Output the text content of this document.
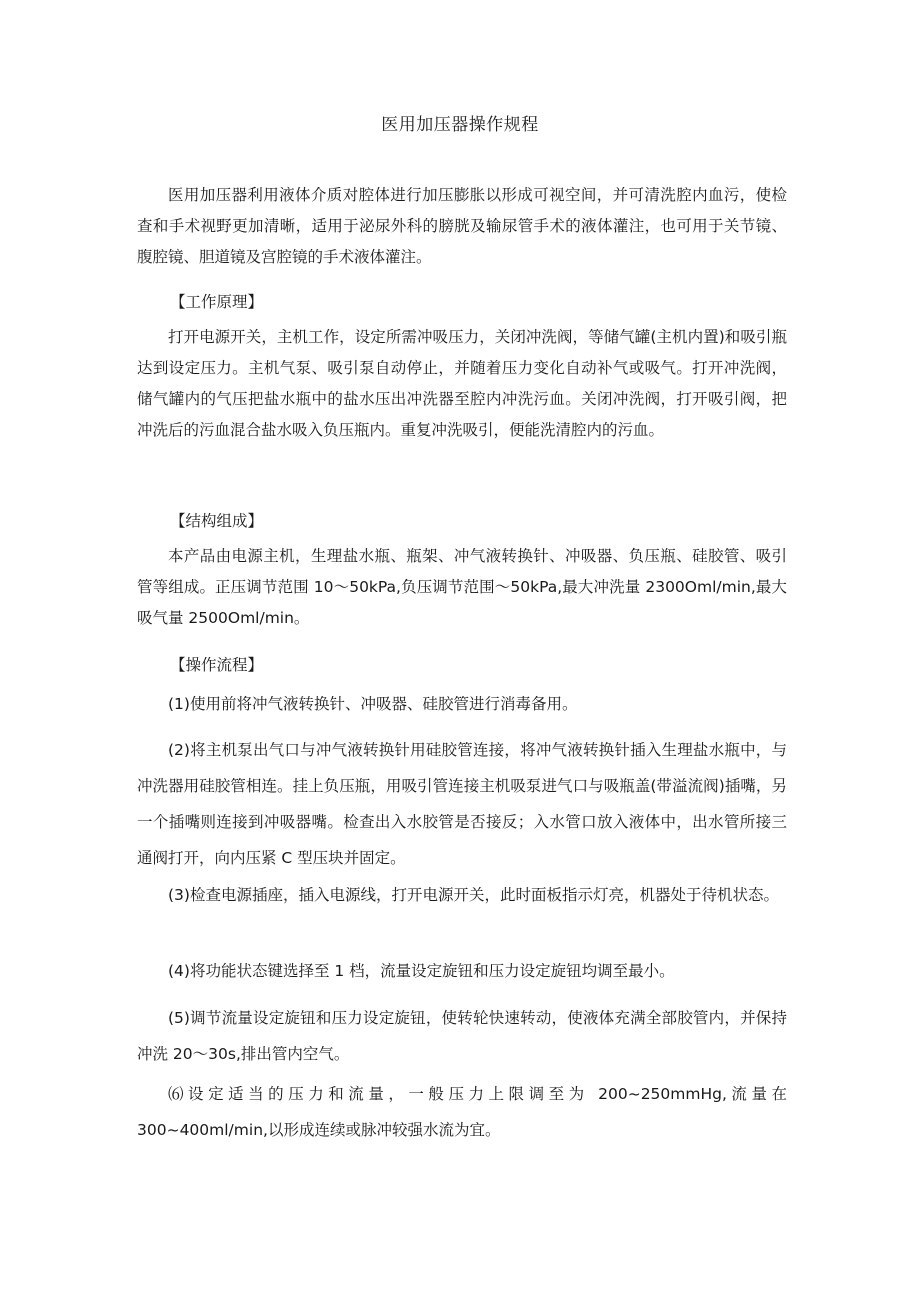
医用加压器操作规程

医用加压器利用液体介质对腔体进行加压膨胀以形成可视空间，并可清洗腔内血污，使检查和手术视野更加清晰，适用于泌尿外科的膀胱及输尿管手术的液体灌注，也可用于关节镜、腹腔镜、胆道镜及宫腔镜的手术液体灌注。

【工作原理】

打开电源开关，主机工作，设定所需冲吸压力，关闭冲洗阀，等储气罐(主机内置)和吸引瓶达到设定压力。主机气泵、吸引泵自动停止，并随着压力变化自动补气或吸气。打开冲洗阀，储气罐内的气压把盐水瓶中的盐水压出冲洗器至腔内冲洗污血。关闭冲洗阀，打开吸引阀，把冲洗后的污血混合盐水吸入负压瓶内。重复冲洗吸引，便能洗清腔内的污血。

【结构组成】

本产品由电源主机，生理盐水瓶、瓶架、冲气液转换针、冲吸器、负压瓶、硅胶管、吸引管等组成。正压调节范围 10～50kPa,负压调节范围～50kPa,最大冲洗量 2300Oml/min,最大吸气量 2500Oml/min。

【操作流程】

(1)使用前将冲气液转换针、冲吸器、硅胶管进行消毒备用。

(2)将主机泵出气口与冲气液转换针用硅胶管连接，将冲气液转换针插入生理盐水瓶中，与冲洗器用硅胶管相连。挂上负压瓶，用吸引管连接主机吸泵进气口与吸瓶盖(带溢流阀)插嘴，另一个插嘴则连接到冲吸器嘴。检查出入水胶管是否接反；入水管口放入液体中，出水管所接三通阀打开，向内压紧 C 型压块并固定。

(3)检查电源插座，插入电源线，打开电源开关，此时面板指示灯亮，机器处于待机状态。

(4)将功能状态键选择至 1 档，流量设定旋钮和压力设定旋钮均调至最小。

(5)调节流量设定旋钮和压力设定旋钮，使转轮快速转动，使液体充满全部胶管内，并保持冲洗 20～30s,排出管内空气。

⑹设定适当的压力和流量，一般压力上限调至为 200~250mmHg,流量在 300~400ml/min,以形成连续或脉冲较强水流为宜。
